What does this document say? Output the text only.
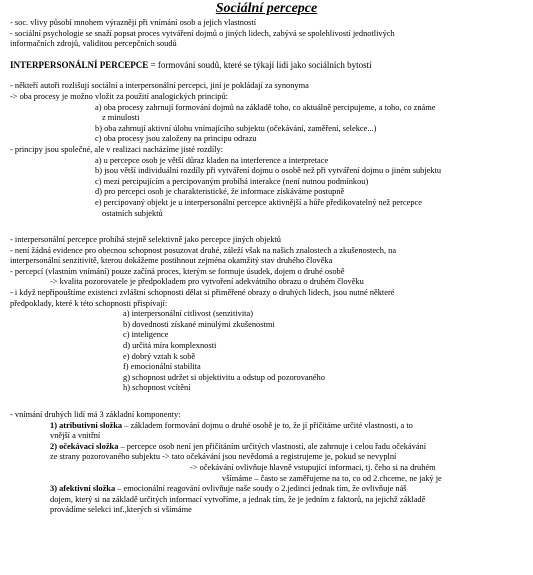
Sociální percepce
- soc. vlivy působí mnohem výrazněji při vnímání osob a jejich vlastností
- sociální psychologie se snaží popsat proces vytváření dojmů o jiných lidech, zabývá se spolehlivostí jednotlivých
informačních zdrojů, validitou percepčních soudů
INTERPERSONÁLNÍ PERCEPCE = formování soudů, které se týkají lidí jako sociálních bytostí
- někteří autoři rozlišují sociální a interpersonální percepci, jiní je pokládají za synonyma
-> oba procesy je možno vložit za použití analogických principů:
a) oba procesy zahrnují formování dojmů na základě toho, co aktuálně percipujeme, a toho, co známe
z minulosti
b) oba zahrnují aktivní úlohu vnímajícího subjektu (očekávání, zaměření, selekce...)
c) oba procesy jsou založeny na principu odrazu
- principy jsou společné, ale v realizaci nacházíme jisté rozdíly:
a) u percepce osob je větší důraz kladen na interference a interpretace
b) jsou větší individuální rozdíly při vytváření dojmu o osobě než při vytváření dojmu o jiném subjektu
c) mezi percipujícím a percipovaným probíhá interakce (není nutnou podmínkou)
d) pro percepci osob je charakteristické, že informace získáváme postupně
e) percipovaný objekt je u interpersonální percepce aktivnější a hůře předikovatelný než percepce
ostatních subjektů
- interpersonální percepce probíhá stejně selektivně jako percepce jiných objektů
- není žádná evidence pro obecnou schopnost posuzovat druhé, záleží však na našich znalostech a zkušenostech, na
interpersonální senzitivitě, kterou dokážeme postihnout zejména okamžitý stav druhého člověka
- percepcí (vlastním vnímání) pouze začíná proces, kterým se formuje úsudek, dojem o druhé osobě
-> kvalita pozorovatele je předpokladem pro vytvoření adekvátního obrazu o druhém člověku
- i když nepřipouštíme existenci zvláštní schopnosti dělat si přiměřené obrazy o druhých lidech, jsou nutné některé
předpoklady, které k této schopnosti přispívají:
a) interpersonální citlivost (senzitivita)
b) dovednosti získané minulými zkušenostmi
c) inteligence
d) určitá míra komplexnosti
e) dobrý vztah k sobě
f) emocionální stabilita
g) schopnost udržet si objektivitu a odstup od pozorovaného
h) schopnost vcítění
- vnímání druhých lidí má 3 základní komponenty:
1) atributivní složka – základem formování dojmu o druhé osobě je to, že jí přičítáme určité vlastnosti, a to
vnější a vnitřní
2) očekávací složka – percepce osob není jen přičítáním určitých vlastností, ale zahrnuje i celou řadu očekávání
ze strany pozorovaného subjektu -> tato očekávání jsou nevědomá a registrujeme je, pokud se nevyplní
-> očekávání ovlivňuje hlavně vstupující informaci, tj. čeho si na druhém
všímáme – často se zaměřujeme na to, co od 2.chceme, ne jaký je
3) afektivní složka – emocionální reagování ovlivňuje naše soudy o 2.jedinci jednak tím, že ovlivňuje náš
dojem, který si na základě určitých informací vytvoříme, a jednak tím, že je jedním z faktorů, na jejichž základě
provádíme selekci inf.,kterých si všímáme
